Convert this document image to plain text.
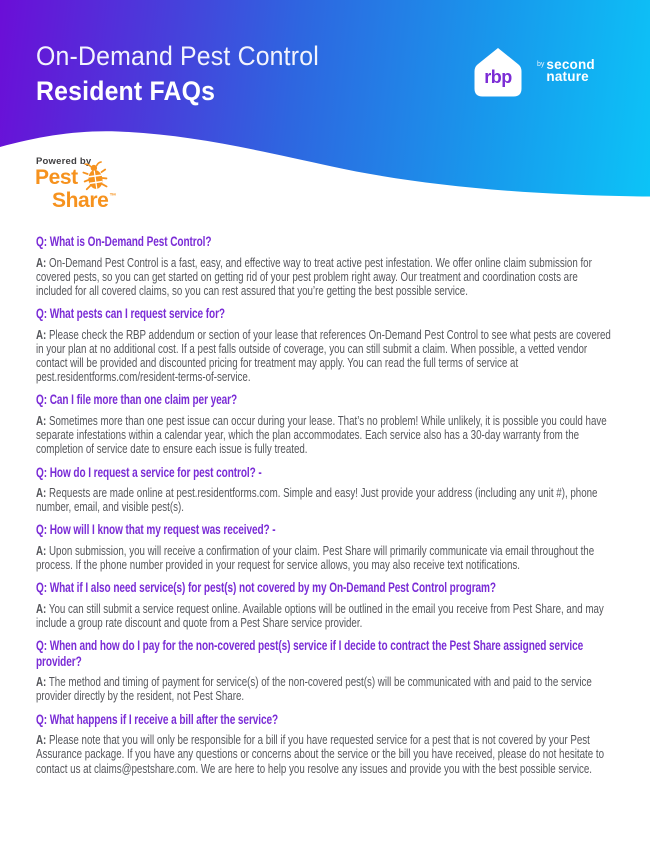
On-Demand Pest Control
Resident FAQs	rbp
by second
nature
Powered by
Pest
Share ™
Q: What is On-Demand Pest Control?

A: On-Demand Pest Control is a fast, easy, and effective way to treat active pest infestation. We offer online claim submission for covered pests, so you can get started on getting rid of your pest problem right away. Our treatment and coordination costs are included for all covered claims, so you can rest assured that you’re getting the best possible service.

Q: What pests can I request service for?

A: Please check the RBP addendum or section of your lease that references On-Demand Pest Control to see what pests are covered in your plan at no additional cost. If a pest falls outside of coverage, you can still submit a claim. When possible, a vetted vendor contact will be provided and discounted pricing for treatment may apply. You can read the full terms of service at pest.residentforms.com/resident-terms-of-service.

Q: Can I file more than one claim per year?

A: Sometimes more than one pest issue can occur during your lease. That’s no problem! While unlikely, it is possible you could have separate infestations within a calendar year, which the plan accommodates. Each service also has a 30-day warranty from the completion of service date to ensure each issue is fully treated.

Q: How do I request a service for pest control? -

A: Requests are made online at pest.residentforms.com. Simple and easy! Just provide your address (including any unit #), phone number, email, and visible pest(s).

Q: How will I know that my request was received? -

A: Upon submission, you will receive a confirmation of your claim. Pest Share will primarily communicate via email throughout the process. If the phone number provided in your request for service allows, you may also receive text notifications.

Q: What if I also need service(s) for pest(s) not covered by my On-Demand Pest Control program?

A: You can still submit a service request online. Available options will be outlined in the email you receive from Pest Share, and may include a group rate discount and quote from a Pest Share service provider.

Q: When and how do I pay for the non-covered pest(s) service if I decide to contract the Pest Share assigned service provider?

A: The method and timing of payment for service(s) of the non-covered pest(s) will be communicated with and paid to the service provider directly by the resident, not Pest Share.

Q: What happens if I receive a bill after the service?

A: Please note that you will only be responsible for a bill if you have requested service for a pest that is not covered by your Pest Assurance package. If you have any questions or concerns about the service or the bill you have received, please do not hesitate to contact us at claims@pestshare.com. We are here to help you resolve any issues and provide you with the best possible service.
